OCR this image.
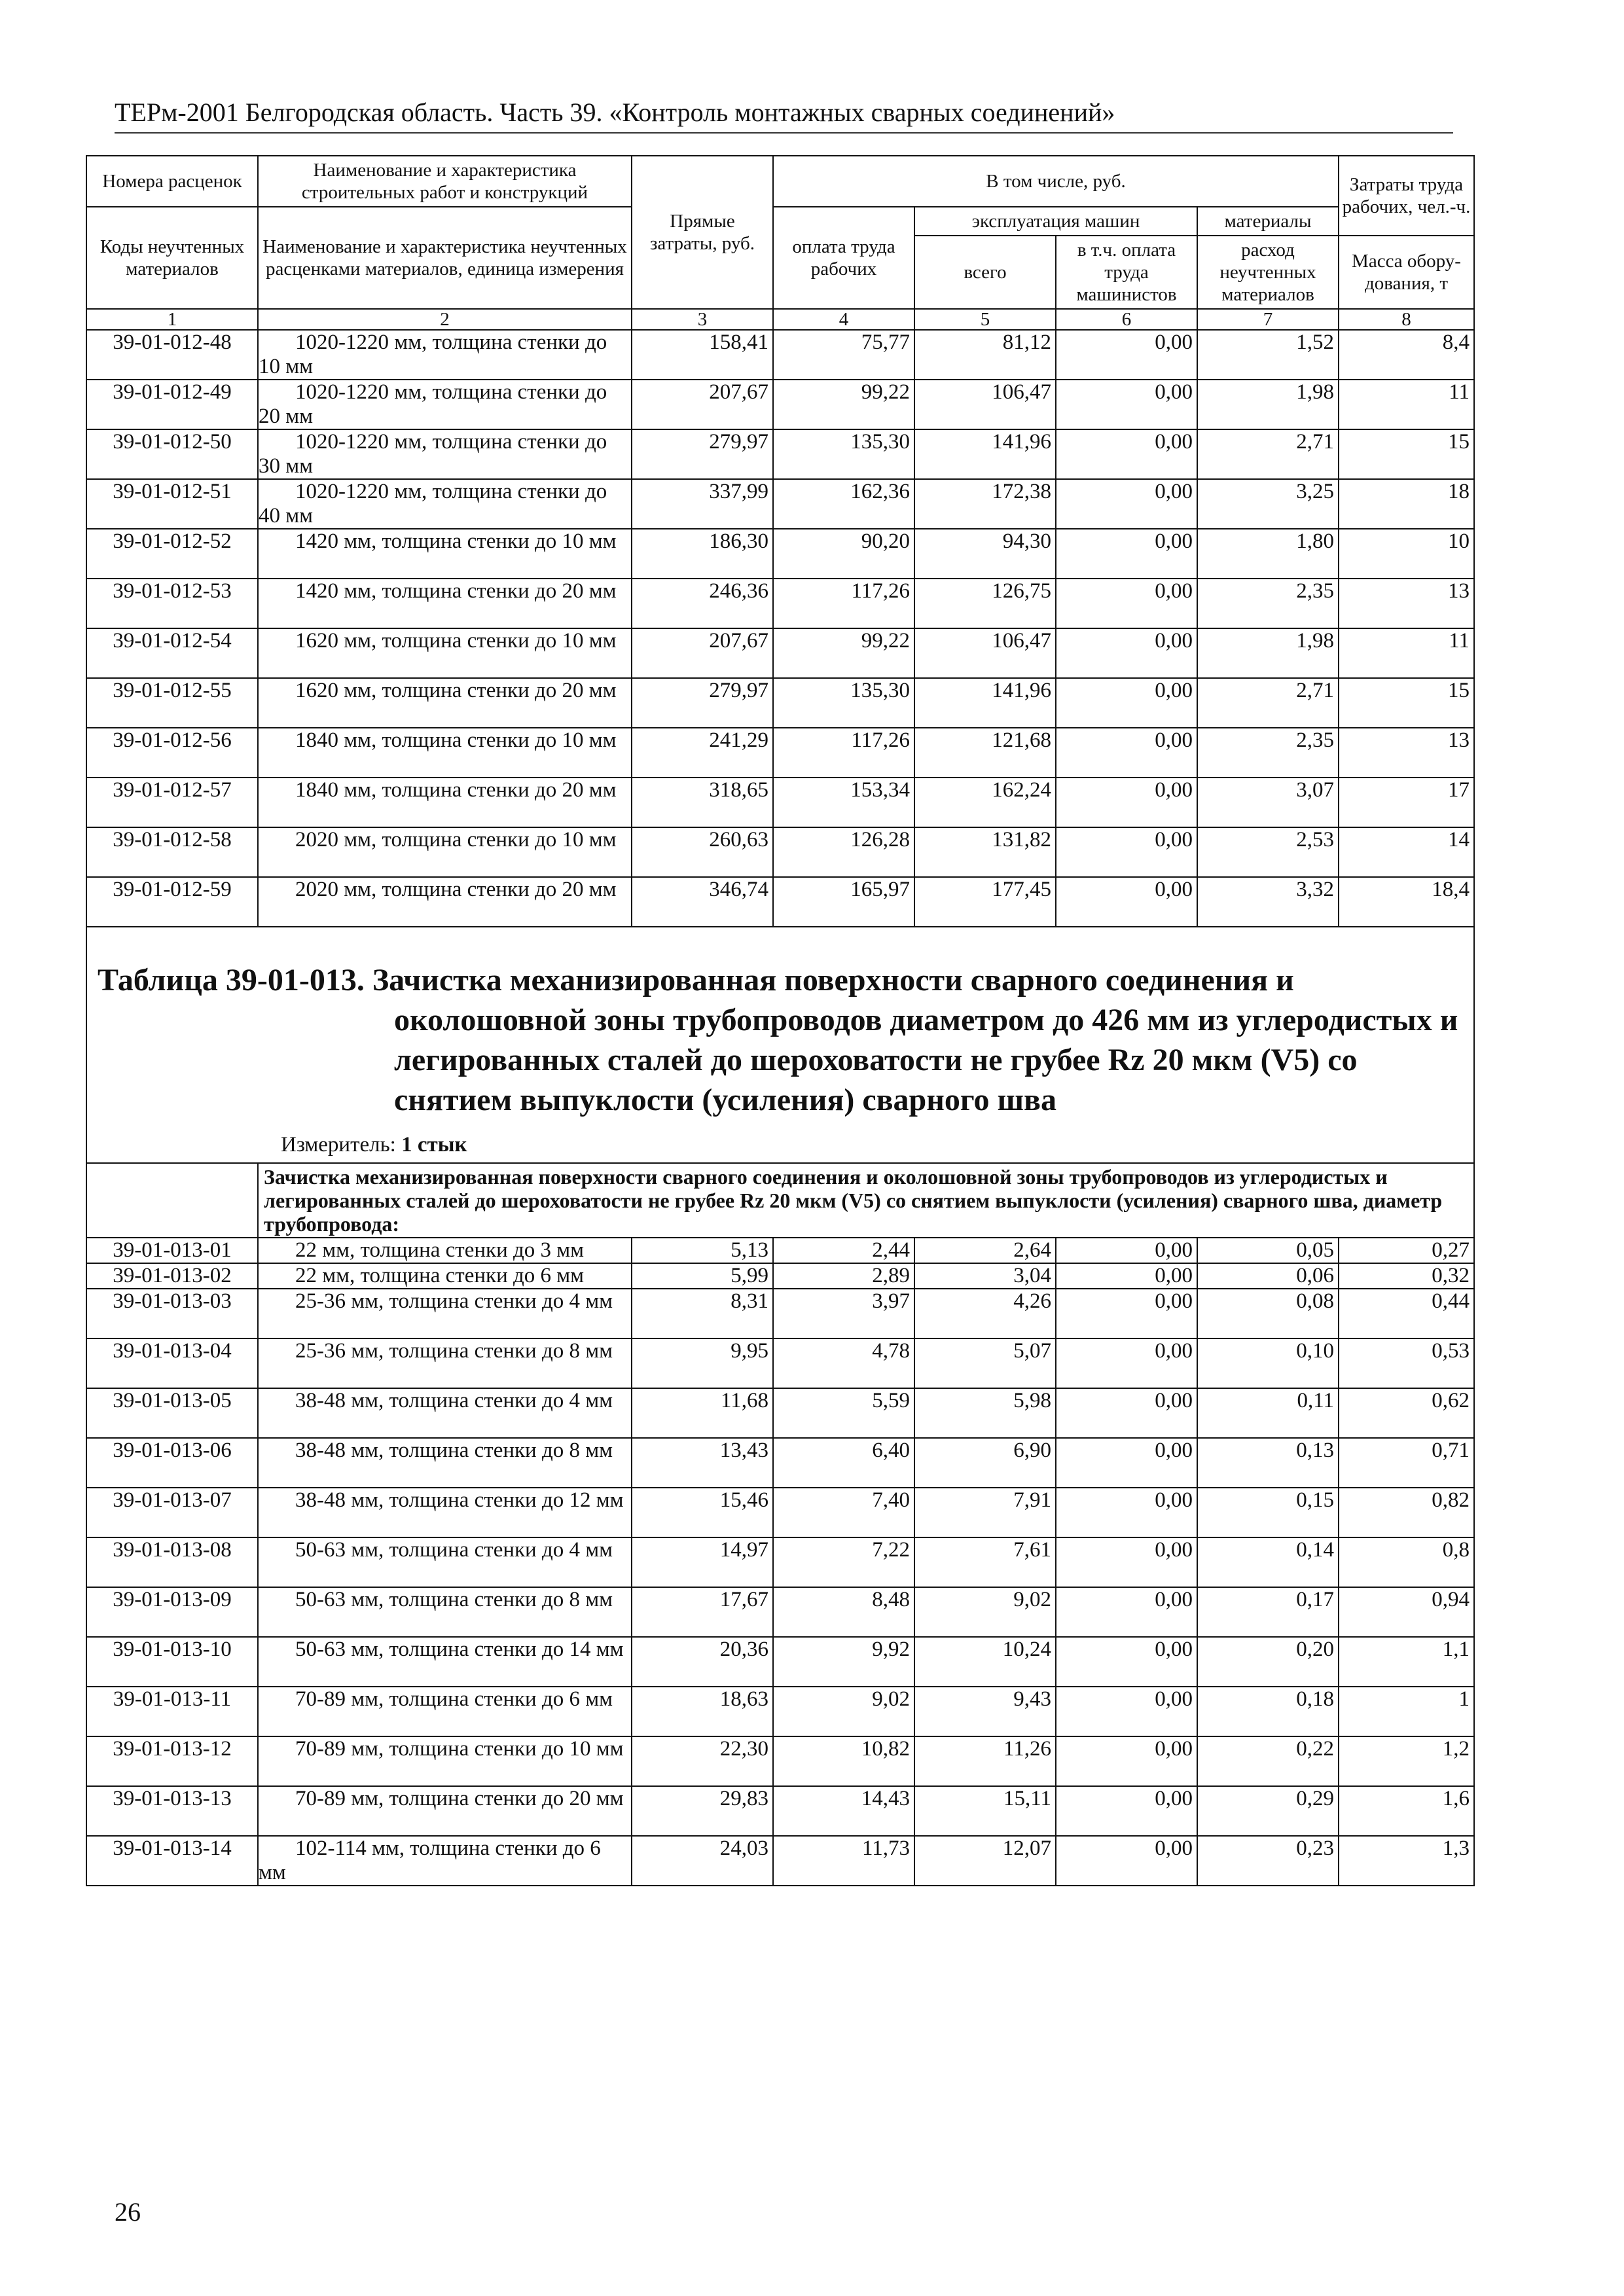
ТЕРм-2001 Белгородская область. Часть 39. «Контроль монтажных сварных соединений»
Номера расценок	Наименование и характеристика строительных работ и конструкций	Прямые затраты, руб.	В том числе, руб.				Затраты труда рабочих, чел.-ч.
Коды неучтенных материалов	Наименование и характеристика неучтенных расценками материалов, единица измерения		оплата труда рабочих	эксплуатация машин		материалы	
				всего	в т.ч. оплата труда машинистов	расход неучтенных материалов	Масса обору-дования, т
1	2	3	4	5	6	7	8
39-01-012-48	1020-1220 мм, толщина стенки до 10 мм	158,41	75,77	81,12	0,00	1,52	8,4
39-01-012-49	1020-1220 мм, толщина стенки до 20 мм	207,67	99,22	106,47	0,00	1,98	11
39-01-012-50	1020-1220 мм, толщина стенки до 30 мм	279,97	135,30	141,96	0,00	2,71	15
39-01-012-51	1020-1220 мм, толщина стенки до 40 мм	337,99	162,36	172,38	0,00	3,25	18
39-01-012-52	1420 мм, толщина стенки до 10 мм	186,30	90,20	94,30	0,00	1,80	10
39-01-012-53	1420 мм, толщина стенки до 20 мм	246,36	117,26	126,75	0,00	2,35	13
39-01-012-54	1620 мм, толщина стенки до 10 мм	207,67	99,22	106,47	0,00	1,98	11
39-01-012-55	1620 мм, толщина стенки до 20 мм	279,97	135,30	141,96	0,00	2,71	15
39-01-012-56	1840 мм, толщина стенки до 10 мм	241,29	117,26	121,68	0,00	2,35	13
39-01-012-57	1840 мм, толщина стенки до 20 мм	318,65	153,34	162,24	0,00	3,07	17
39-01-012-58	2020 мм, толщина стенки до 10 мм	260,63	126,28	131,82	0,00	2,53	14
39-01-012-59	2020 мм, толщина стенки до 20 мм	346,74	165,97	177,45	0,00	3,32	18,4

Таблица 39-01-013. Зачистка механизированная поверхности сварного соединения и околошовной зоны трубопроводов диаметром до 426 мм из углеродистых и легированных сталей до шероховатости не грубее Rz 20 мкм (V5) со снятием выпуклости (усиления) сварного шва
Измеритель: 1 стык							

	Зачистка механизированная поверхности сварного соединения и околошовной зоны трубопроводов из углеродистых и легированных сталей до шероховатости не грубее Rz 20 мкм (V5) со снятием выпуклости (усиления) сварного шва, диаметр трубопровода:						
39-01-013-01	22 мм, толщина стенки до 3 мм	5,13	2,44	2,64	0,00	0,05	0,27
39-01-013-02	22 мм, толщина стенки до 6 мм	5,99	2,89	3,04	0,00	0,06	0,32
39-01-013-03	25-36 мм, толщина стенки до 4 мм	8,31	3,97	4,26	0,00	0,08	0,44
39-01-013-04	25-36 мм, толщина стенки до 8 мм	9,95	4,78	5,07	0,00	0,10	0,53
39-01-013-05	38-48 мм, толщина стенки до 4 мм	11,68	5,59	5,98	0,00	0,11	0,62
39-01-013-06	38-48 мм, толщина стенки до 8 мм	13,43	6,40	6,90	0,00	0,13	0,71
39-01-013-07	38-48 мм, толщина стенки до 12 мм	15,46	7,40	7,91	0,00	0,15	0,82
39-01-013-08	50-63 мм, толщина стенки до 4 мм	14,97	7,22	7,61	0,00	0,14	0,8
39-01-013-09	50-63 мм, толщина стенки до 8 мм	17,67	8,48	9,02	0,00	0,17	0,94
39-01-013-10	50-63 мм, толщина стенки до 14 мм	20,36	9,92	10,24	0,00	0,20	1,1
39-01-013-11	70-89 мм, толщина стенки до 6 мм	18,63	9,02	9,43	0,00	0,18	1
39-01-013-12	70-89 мм, толщина стенки до 10 мм	22,30	10,82	11,26	0,00	0,22	1,2
39-01-013-13	70-89 мм, толщина стенки до 20 мм	29,83	14,43	15,11	0,00	0,29	1,6
39-01-013-14	102-114 мм, толщина стенки до 6 мм	24,03	11,73	12,07	0,00	0,23	1,3
26
